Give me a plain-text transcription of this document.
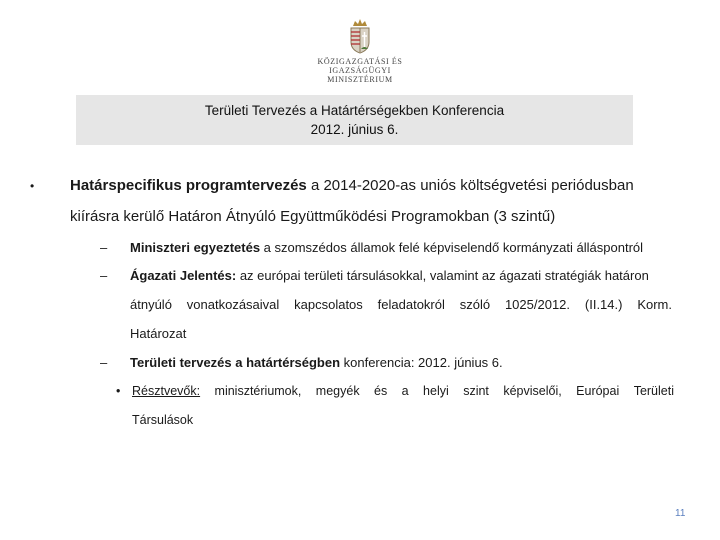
KÖZIGAZGATÁSI ÉS IGAZSÁGÜGYI
MINISZTÉRIUM
Területi Tervezés a Határtérségekben Konferencia
2012. június 6.
• Határspecifikus programtervezés a 2014-2020-as uniós költségvetési periódusban
kiírásra kerülő Határon Átnyúló Együttműködési Programokban (3 szintű)
– Miniszteri egyeztetés a szomszédos államok felé képviselendő kormányzati álláspontról
– Ágazati Jelentés: az európai területi társulásokkal, valamint az ágazati stratégiák határon
átnyúló vonatkozásaival kapcsolatos feladatokról szóló 1025/2012. (II.14.) Korm.
Határozat
– Területi tervezés a határtérségben konferencia: 2012. június 6.
• Résztvevők: minisztériumok, megyék és a helyi szint képviselői, Európai Területi
Társulások
11
